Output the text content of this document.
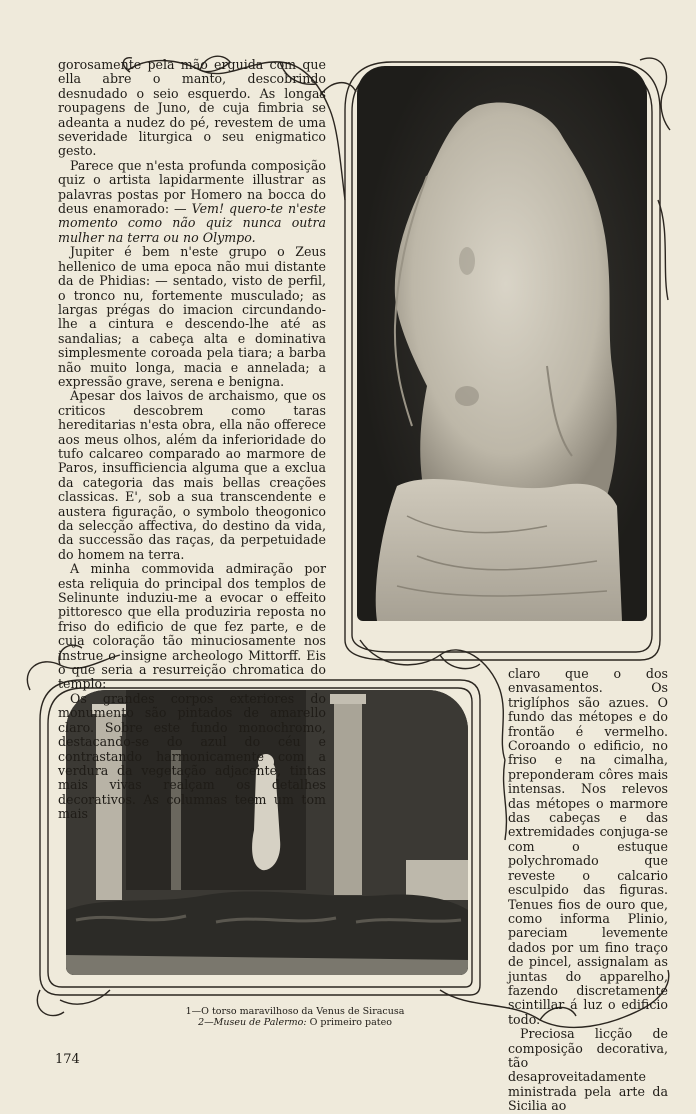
gorosamente pela mão erguida com que ella abre o manto, descobrindo desnudado o seio esquerdo. As longas roupagens de Juno, de cuja fimbria se adeanta a nudez do pé, revestem de uma severidade liturgica o seu enigmatico gesto.

Parece que n'esta profunda composição quiz o artista lapidarmente illustrar as palavras postas por Homero na bocca do deus enamorado: — Vem! quero-te n'este momento como não quiz nunca outra mulher na terra ou no Olympo.

Jupiter é bem n'este grupo o Zeus hellenico de uma epoca não mui distante da de Phidias: — sentado, visto de perfil, o tronco nu, fortemente musculado; as largas prégas do imacion circundando-lhe a cintura e descendo-lhe até as sandalias; a cabeça alta e dominativa simplesmente coroada pela tiara; a barba não muito longa, macia e annelada; a expressão grave, serena e benigna.

Apesar dos laivos de archaismo, que os criticos descobrem como taras hereditarias n'esta obra, ella não offerece aos meus olhos, além da inferioridade do tufo calcareo comparado ao marmore de Paros, insufficiencia alguma que a exclua da categoria das mais bellas creações classicas. E', sob a sua transcendente e austera figuração, o symbolo theogonico da selecção affectiva, do destino da vida, da successão das raças, da perpetuidade do homem na terra.

A minha commovida admiração por esta reliquia do principal dos templos de Selinunte induziu-me a evocar o effeito pittoresco que ella produziria reposta no friso do edificio de que fez parte, e de cuja coloração tão minuciosamente nos instrue o insigne archeologo Mittorff. Eis o que seria a resurreição chromatica do templo:

Os grandes corpos exteriores do monumento são pintados de amarello claro. Sobre este fundo monochromo, destacando-se do azul do céu e contrastando harmonicamente com a verdura da vegetação adjacente, tintas mais vivas realçam os detalhes decorativos. As columnas teem um tom mais

claro que o dos envasamentos. Os triglíphos são azues. O fundo das métopes e do frontão é vermelho. Coroando o edificio, no friso e na cimalha, preponderam côres mais intensas. Nos relevos das métopes o marmore das cabeças e das extremidades conjuga-se com o estuque polychromado que reveste o calcario esculpido das figuras. Tenues fios de ouro que, como informa Plinio, pareciam levemente dados por um fino traço de pincel, assignalam as juntas do apparelho, fazendo discretamente scintillar á luz o edificio todo.

Preciosa licção de composição decorativa, tão desaproveitadamente ministrada pela arte da Sicilia ao

1—O torso maravilhoso da Venus de Siracusa
2—Museu de Palermo: O primeiro pateo
174
